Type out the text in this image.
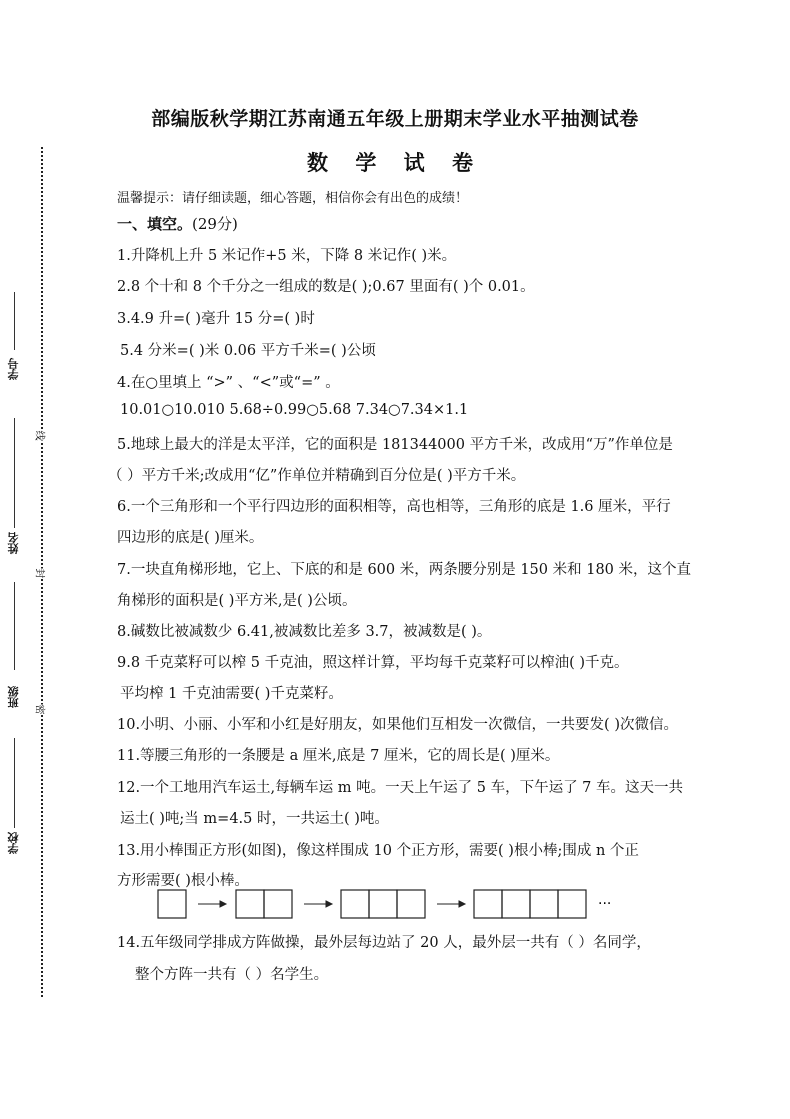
部编版秋学期江苏南通五年级上册期末学业水平抽测试卷
数 学 试 卷
温馨提示：请仔细读题，细心答题，相信你会有出色的成绩！
一、填空。(29分)
1.升降机上升 5 米记作+5 米，下降 8 米记作( )米。
2.8 个十和 8 个千分之一组成的数是( );0.67 里面有( )个 0.01。
3.4.9 升=( )毫升 15 分=( )时
5.4 分米=( )米 0.06 平方千米=( )公顷
4.在○里填上 “>” 、“<”或“=” 。
10.01○10.010 5.68÷0.99○5.68 7.34○7.34×1.1
5.地球上最大的洋是太平洋，它的面积是 181344000 平方千米，改成用“万”作单位是
（ ）平方千米;改成用“亿”作单位并精确到百分位是( )平方千米。
6.一个三角形和一个平行四边形的面积相等，高也相等，三角形的底是 1.6 厘米，平行
四边形的底是( )厘米。
7.一块直角梯形地，它上、下底的和是 600 米，两条腰分别是 150 米和 180 米，这个直
角梯形的面积是( )平方米,是( )公顷。
8.碱数比被减数少 6.41,被减数比差多 3.7，被减数是( )。
9.8 千克菜籽可以榨 5 千克油，照这样计算，平均每千克菜籽可以榨油( )千克。
平均榨 1 千克油需要( )千克菜籽。
10.小明、小丽、小军和小红是好朋友，如果他们互相发一次微信，一共要发( )次微信。
11.等腰三角形的一条腰是 a 厘米,底是 7 厘米，它的周长是( )厘米。
12.一个工地用汽车运土,每辆车运 m 吨。一天上午运了 5 车，下午运了 7 车。这天一共
运土( )吨;当 m=4.5 时，一共运土( )吨。
13.用小棒围正方形(如图)，像这样围成 10 个正方形，需要( )根小棒;围成 n 个正
方形需要( )根小棒。
14.五年级同学排成方阵做操，最外层每边站了 20 人，最外层一共有（ ）名同学，
整个方阵一共有（ ）名学生。
···
学号
姓名
班级
学校
线
封
密
